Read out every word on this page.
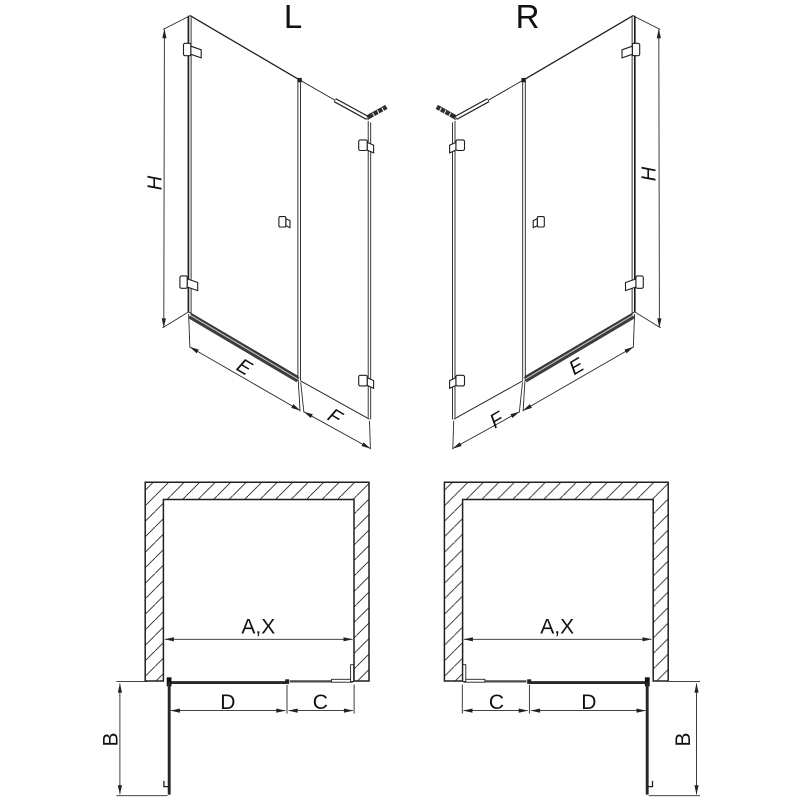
L	R
H
H
E
F
E
F
A,X	A,X
D	C	C	D
B	B
